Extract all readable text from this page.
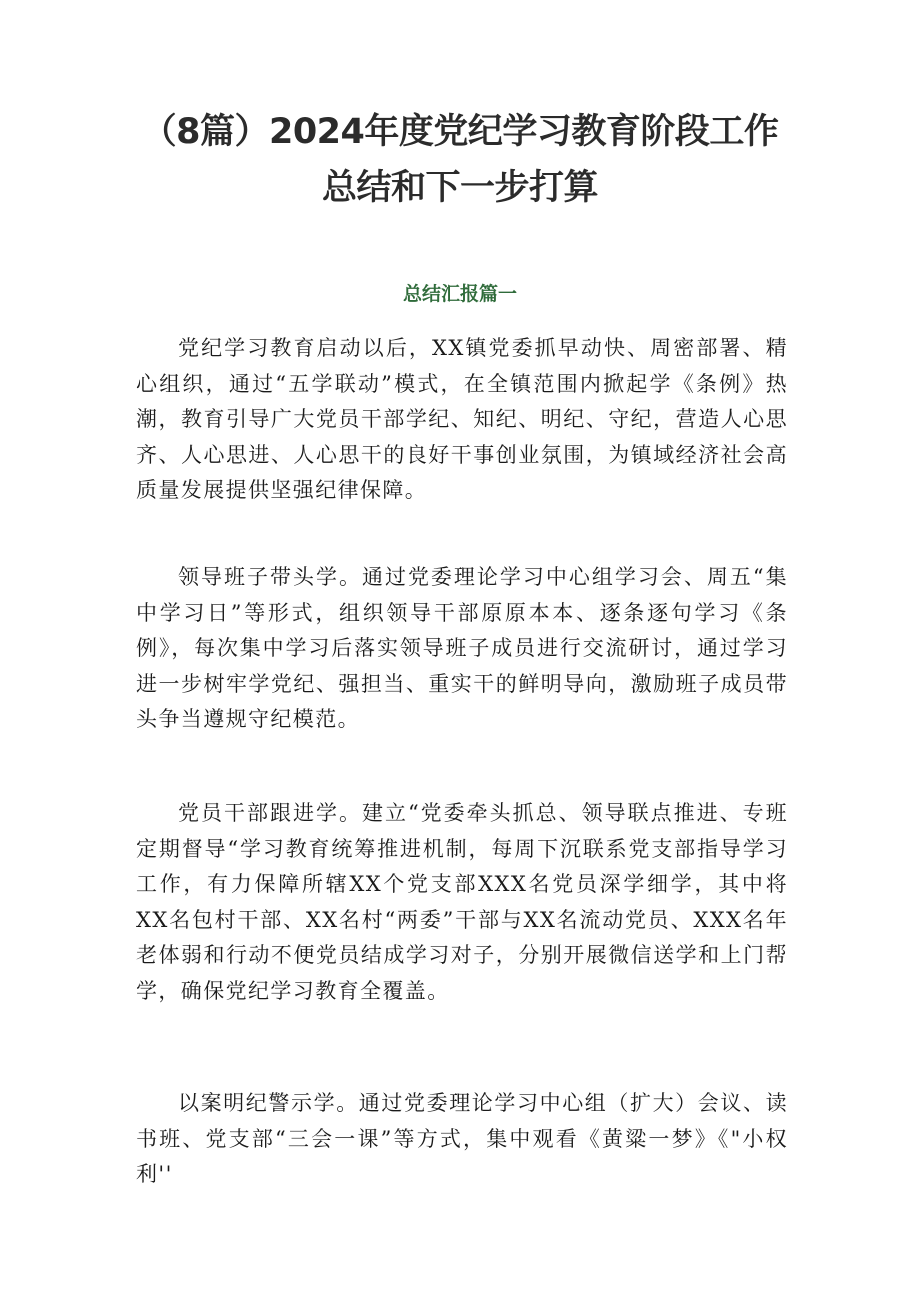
（8篇）2024年度党纪学习教育阶段工作
总结和下一步打算
总结汇报篇一

党纪学习教育启动以后，XX镇党委抓早动快、周密部署、精心组织，通过“五学联动”模式，在全镇范围内掀起学《条例》热潮，教育引导广大党员干部学纪、知纪、明纪、守纪，营造人心思齐、人心思进、人心思干的良好干事创业氛围，为镇域经济社会高质量发展提供坚强纪律保障。

领导班子带头学。通过党委理论学习中心组学习会、周五“集中学习日”等形式，组织领导干部原原本本、逐条逐句学习《条例》，每次集中学习后落实领导班子成员进行交流研讨，通过学习进一步树牢学党纪、强担当、重实干的鲜明导向，激励班子成员带头争当遵规守纪模范。

党员干部跟进学。建立“党委牵头抓总、领导联点推进、专班定期督导“学习教育统筹推进机制，每周下沉联系党支部指导学习工作，有力保障所辖XX个党支部XXX名党员深学细学，其中将XX名包村干部、XX名村“两委”干部与XX名流动党员、XXX名年老体弱和行动不便党员结成学习对子，分别开展微信送学和上门帮学，确保党纪学习教育全覆盖。

以案明纪警示学。通过党委理论学习中心组（扩大）会议、读书班、党支部“三会一课”等方式，集中观看《黄粱一梦》《"小权利''
